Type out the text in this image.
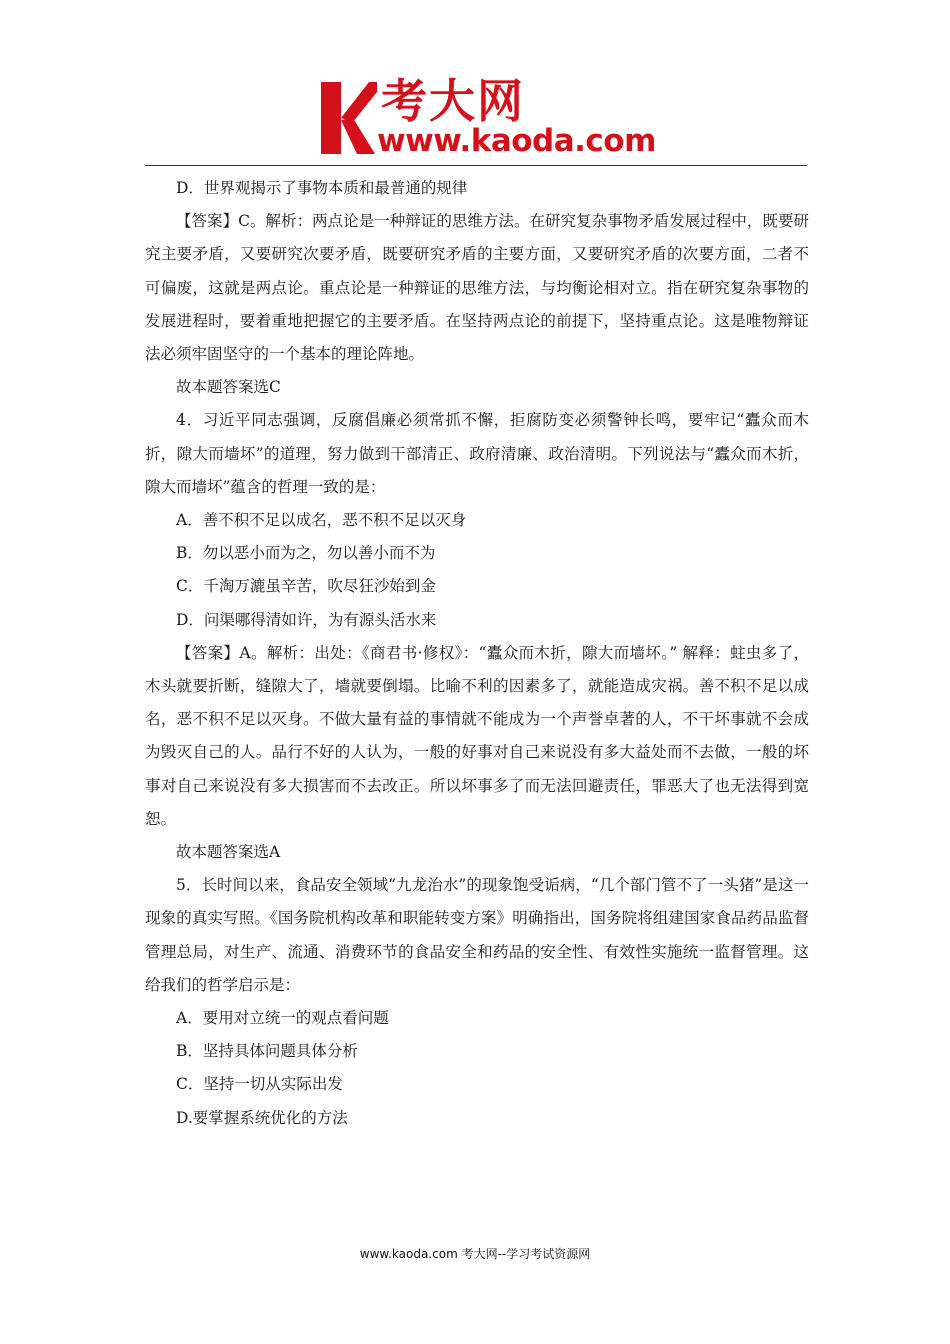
考大网
www.kaoda.com

D．世界观揭示了事物本质和最普通的规律

【答案】C。解析：两点论是一种辩证的思维方法。在研究复杂事物矛盾发展过程中，既要研究主要矛盾，又要研究次要矛盾，既要研究矛盾的主要方面，又要研究矛盾的次要方面，二者不可偏废，这就是两点论。重点论是一种辩证的思维方法，与均衡论相对立。指在研究复杂事物的发展进程时，要着重地把握它的主要矛盾。在坚持两点论的前提下，坚持重点论。这是唯物辩证法必须牢固坚守的一个基本的理论阵地。

故本题答案选C

4．习近平同志强调，反腐倡廉必须常抓不懈，拒腐防变必须警钟长鸣，要牢记“蠹众而木折，隙大而墙坏”的道理，努力做到干部清正、政府清廉、政治清明。下列说法与“蠹众而木折，隙大而墙坏”蕴含的哲理一致的是：

A．善不积不足以成名，恶不积不足以灭身

B．勿以恶小而为之，勿以善小而不为

C．千淘万漉虽辛苦，吹尽狂沙始到金

D．问渠哪得清如许，为有源头活水来

【答案】A。解析：出处：《商君书·修权》：“蠹众而木折，隙大而墙坏。” 解释：蛀虫多了，木头就要折断，缝隙大了，墙就要倒塌。比喻不利的因素多了，就能造成灾祸。善不积不足以成名，恶不积不足以灭身。不做大量有益的事情就不能成为一个声誉卓著的人，不干坏事就不会成为毁灭自己的人。品行不好的人认为，一般的好事对自己来说没有多大益处而不去做，一般的坏事对自己来说没有多大损害而不去改正。所以坏事多了而无法回避责任，罪恶大了也无法得到宽恕。

故本题答案选A

5．长时间以来，食品安全领域“九龙治水”的现象饱受诟病，“几个部门管不了一头猪”是这一现象的真实写照。《国务院机构改革和职能转变方案》明确指出，国务院将组建国家食品药品监督管理总局，对生产、流通、消费环节的食品安全和药品的安全性、有效性实施统一监督管理。这给我们的哲学启示是：

A．要用对立统一的观点看问题

B．坚持具体问题具体分析

C．坚持一切从实际出发

D.要掌握系统优化的方法

www.kaoda.com 考大网--学习考试资源网
